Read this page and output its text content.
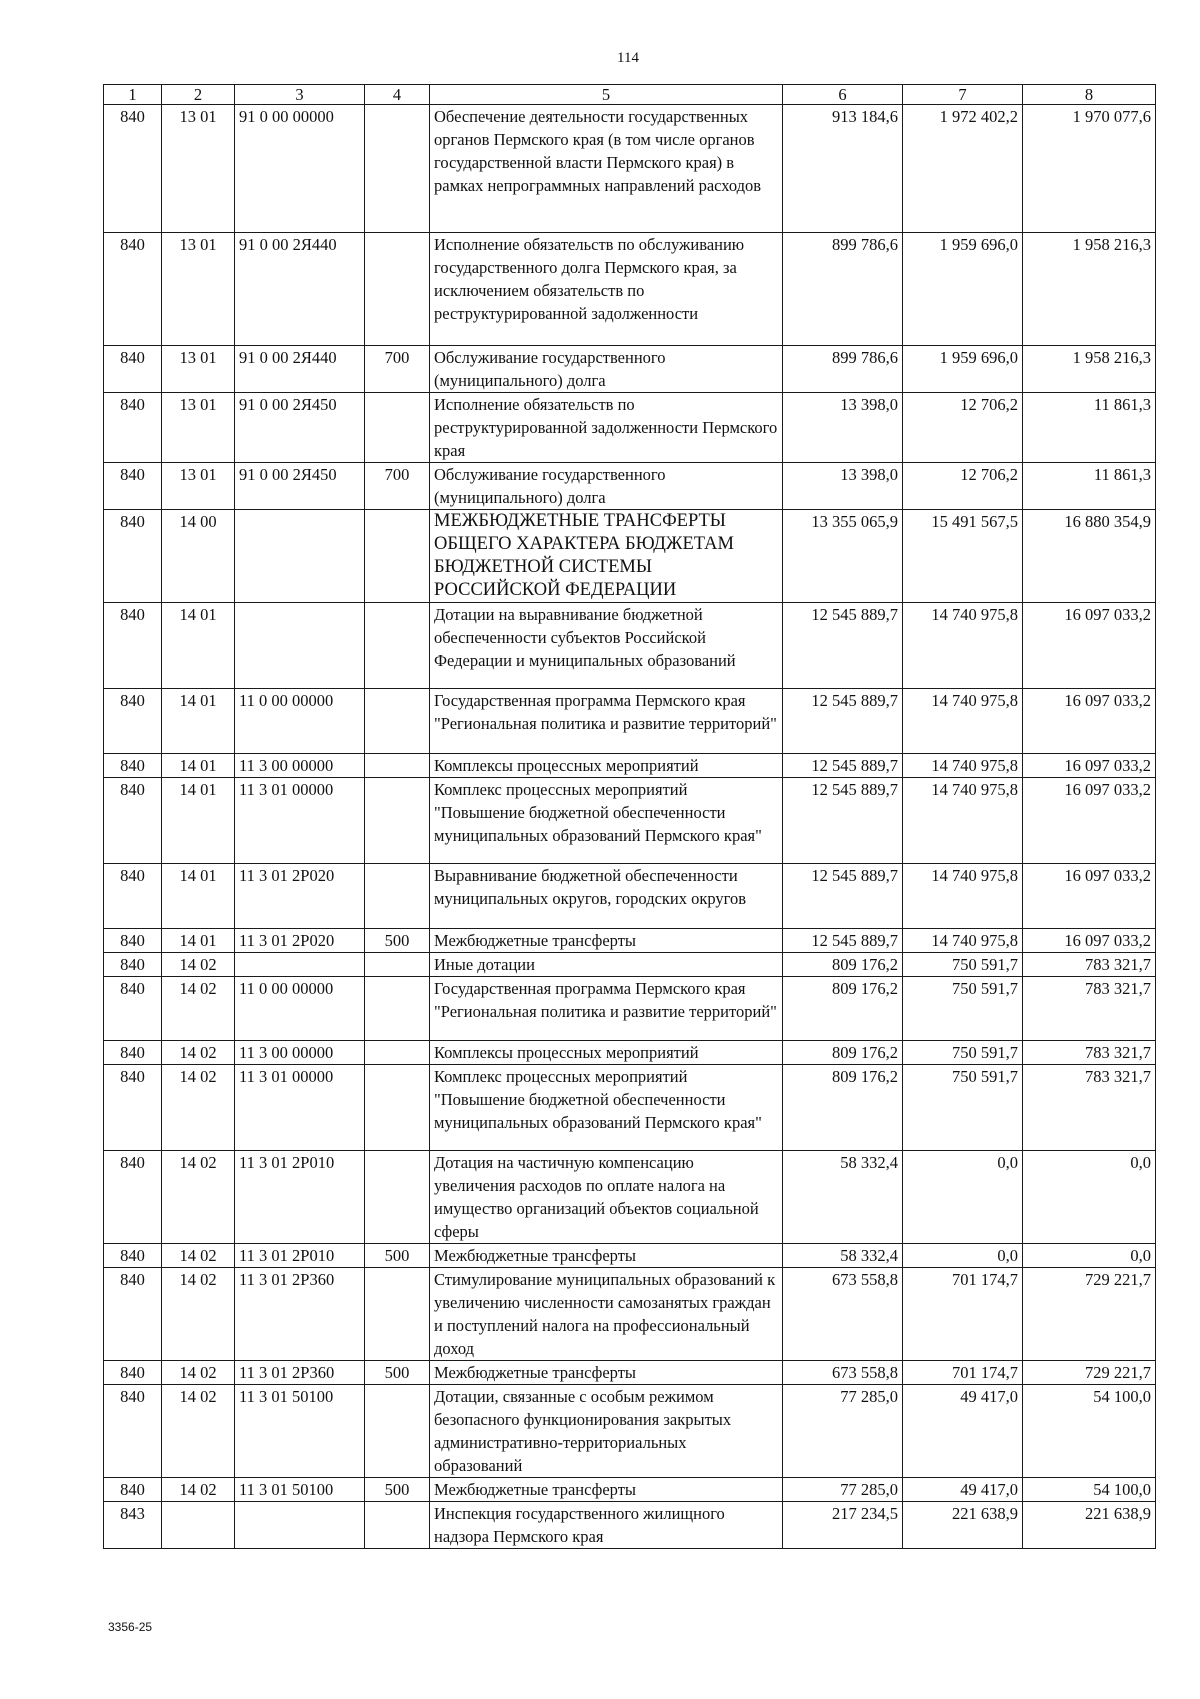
114
1	2	3	4	5	6	7	8
840	13 01	91 0 00 00000		Обеспечение деятельности государственных органов Пермского края (в том числе органов государственной власти Пермского края) в рамках непрограммных направлений расходов	913 184,6	1 972 402,2	1 970 077,6
840	13 01	91 0 00 2Я440		Исполнение обязательств по обслуживанию государственного долга Пермского края, за исключением обязательств по реструктурированной задолженности	899 786,6	1 959 696,0	1 958 216,3
840	13 01	91 0 00 2Я440	700	Обслуживание государственного (муниципального) долга	899 786,6	1 959 696,0	1 958 216,3
840	13 01	91 0 00 2Я450		Исполнение обязательств по реструктурированной задолженности Пермского края	13 398,0	12 706,2	11 861,3
840	13 01	91 0 00 2Я450	700	Обслуживание государственного (муниципального) долга	13 398,0	12 706,2	11 861,3
840	14 00			МЕЖБЮДЖЕТНЫЕ ТРАНСФЕРТЫ ОБЩЕГО ХАРАКТЕРА БЮДЖЕТАМ БЮДЖЕТНОЙ СИСТЕМЫ РОССИЙСКОЙ ФЕДЕРАЦИИ	13 355 065,9	15 491 567,5	16 880 354,9
840	14 01			Дотации на выравнивание бюджетной обеспеченности субъектов Российской Федерации и муниципальных образований	12 545 889,7	14 740 975,8	16 097 033,2
840	14 01	11 0 00 00000		Государственная программа Пермского края "Региональная политика и развитие территорий"	12 545 889,7	14 740 975,8	16 097 033,2
840	14 01	11 3 00 00000		Комплексы процессных мероприятий	12 545 889,7	14 740 975,8	16 097 033,2
840	14 01	11 3 01 00000		Комплекс процессных мероприятий "Повышение бюджетной обеспеченности муниципальных образований Пермского края"	12 545 889,7	14 740 975,8	16 097 033,2
840	14 01	11 3 01 2Р020		Выравнивание бюджетной обеспеченности муниципальных округов, городских округов	12 545 889,7	14 740 975,8	16 097 033,2
840	14 01	11 3 01 2Р020	500	Межбюджетные трансферты	12 545 889,7	14 740 975,8	16 097 033,2
840	14 02			Иные дотации	809 176,2	750 591,7	783 321,7
840	14 02	11 0 00 00000		Государственная программа Пермского края "Региональная политика и развитие территорий"	809 176,2	750 591,7	783 321,7
840	14 02	11 3 00 00000		Комплексы процессных мероприятий	809 176,2	750 591,7	783 321,7
840	14 02	11 3 01 00000		Комплекс процессных мероприятий "Повышение бюджетной обеспеченности муниципальных образований Пермского края"	809 176,2	750 591,7	783 321,7
840	14 02	11 3 01 2Р010		Дотация на частичную компенсацию увеличения расходов по оплате налога на имущество организаций объектов социальной сферы	58 332,4	0,0	0,0
840	14 02	11 3 01 2Р010	500	Межбюджетные трансферты	58 332,4	0,0	0,0
840	14 02	11 3 01 2Р360		Стимулирование муниципальных образований к увеличению численности самозанятых граждан и поступлений налога на профессиональный доход	673 558,8	701 174,7	729 221,7
840	14 02	11 3 01 2Р360	500	Межбюджетные трансферты	673 558,8	701 174,7	729 221,7
840	14 02	11 3 01 50100		Дотации, связанные с особым режимом безопасного функционирования закрытых административно-территориальных образований	77 285,0	49 417,0	54 100,0
840	14 02	11 3 01 50100	500	Межбюджетные трансферты	77 285,0	49 417,0	54 100,0
843				Инспекция государственного жилищного надзора Пермского края	217 234,5	221 638,9	221 638,9
3356-25
